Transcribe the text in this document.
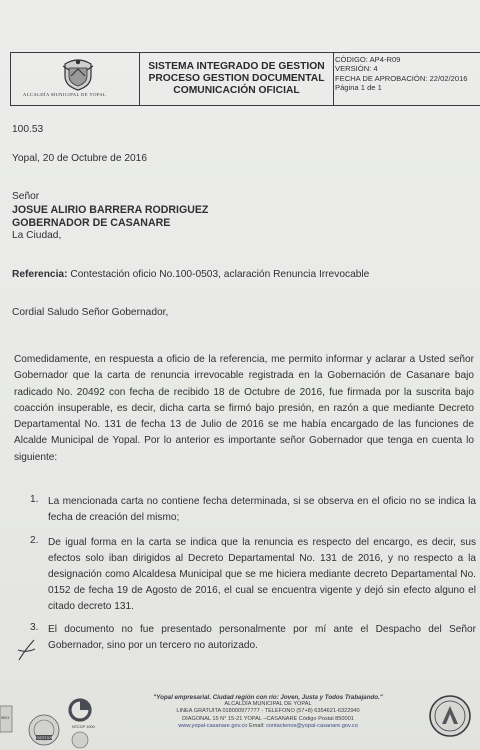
ALCALDÍA MUNICIPAL DE YOPAL
SISTEMA INTEGRADO DE GESTION
PROCESO GESTION DOCUMENTAL
COMUNICACIÓN OFICIAL
CÓDIGO: AP4-R09
VERSIÓN: 4
FECHA DE APROBACIÓN: 22/02/2016
Página 1 de 1
100.53
Yopal, 20 de Octubre de 2016
Señor
JOSUE ALIRIO BARRERA RODRIGUEZ
GOBERNADOR DE CASANARE
La Ciudad,
Referencia: Contestación oficio No.100-0503, aclaración Renuncia Irrevocable
Cordial Saludo Señor Gobernador,
Comedidamente, en respuesta a oficio de la referencia, me permito informar y aclarar a Usted señor Gobernador que la carta de renuncia irrevocable registrada en la Gobernación de Casanare bajo radicado No. 20492 con fecha de recibido 18 de Octubre de 2016, fue firmada por la suscrita bajo coacción insuperable, es decir, dicha carta se firmó bajo presión, en razón a que mediante Decreto Departamental No. 131 de fecha 13 de Julio de 2016 se me había encargado de las funciones de Alcalde Municipal de Yopal. Por lo anterior es importante señor Gobernador que tenga en cuenta lo siguiente:
1. La mencionada carta no contiene fecha determinada, si se observa en el oficio no se indica la fecha de creación del mismo;
2. De igual forma en la carta se indica que la renuncia es respecto del encargo, es decir, sus efectos solo iban dirigidos al Decreto Departamental No. 131 de 2016, y no respecto a la designación como Alcaldesa Municipal que se me hiciera mediante decreto Departamental No. 0152 de fecha 19 de Agosto de 2016, el cual se encuentra vigente y dejó sin efecto alguno el citado decreto 131.
3. El documento no fue presentado personalmente por mí ante el Despacho del Señor Gobernador, sino por un tercero no autorizado.
9001
GESTION
NTCGP 1000
"Yopal empresarial. Ciudad región con río: Joven, Justa y Todos Trabajando."
ALCALDÍA MUNICIPAL DE YOPAL
LINEA GRATUITA 018000977777 - TELEFONO (57+8) 6354621-6322940
DIAGONAL 15 N° 15-21 YOPAL –CASANARE Código Postal 850001
www.yopal-casanare.gov.co Email: contactenos@yopal-casanare.gov.co
